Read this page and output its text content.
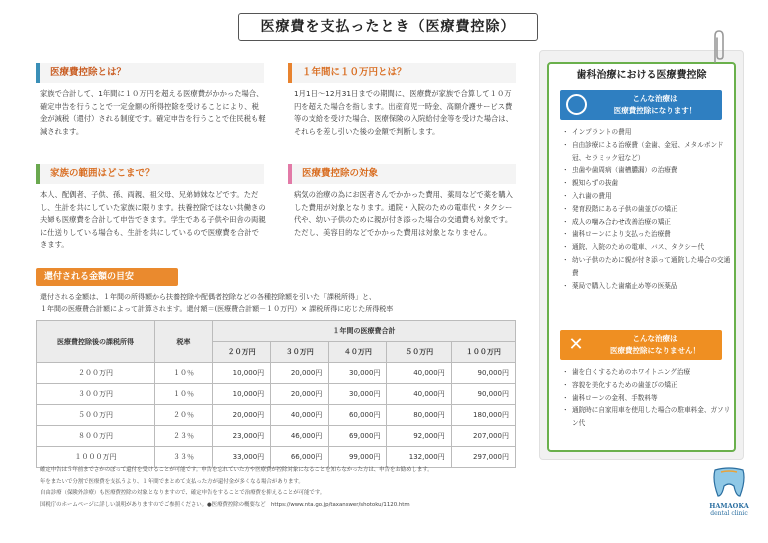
医療費を支払ったとき（医療費控除）
医療費控除とは？
家族で合計して、1年間に１０万円を超える医療費がかかった場合、確定申告を行うことで一定金額の所得控除を受けることにより、税金が減税（還付）される制度です。確定申告を行うことで住民税も軽減されます。
１年間に１０万円とは？
1月1日〜12月31日までの期間に、医療費が家族で合算して１０万円を超えた場合を指します。出産育児一時金、高額介護サービス費等の支給を受けた場合、医療保険の入院給付金等を受けた場合は、それらを差し引いた後の金額で判断します。
家族の範囲はどこまで？
本人、配偶者、子供、孫、両親、祖父母、兄弟姉妹などです。ただし、生計を共にしていた家族に限ります。扶養控除ではない共働きの夫婦も医療費を合計して申告できます。学生である子供や田舎の両親に仕送りしている場合も、生計を共にしているので医療費を合計できます。
医療費控除の対象
病気の治療の為にお医者さんでかかった費用、薬局などで薬を購入した費用が対象となります。通院・入院のための電車代・タクシー代や、幼い子供のために親が付き添った場合の交通費も対象です。ただし、美容目的などでかかった費用は対象となりません。
還付される金額の目安
還付される金額は、１年間の所得額から扶養控除や配偶者控除などの各種控除額を引いた「課税所得」と、
１年間の医療費合計額によって計算されます。還付額＝(医療費合計額－１０万円）× 課税所得に応じた所得税率
医療費控除後の課税所得	税率	１年間の医療費合計				
		２０万円	３０万円	４０万円	５０万円	１００万円
２００万円	１０％	10,000円	20,000円	30,000円	40,000円	90,000円
３００万円	１０％	10,000円	20,000円	30,000円	40,000円	90,000円
５００万円	２０％	20,000円	40,000円	60,000円	80,000円	180,000円
８００万円	２３％	23,000円	46,000円	69,000円	92,000円	207,000円
１０００万円	３３％	33,000円	66,000円	99,000円	132,000円	297,000円
確定申告は５年前までさかのぼって還付を受けることが可能です。申告を忘れていた方や医療費が控除対象になることを知らなかった方は、申告をお勧めします。
年をまたいで分割で医療費を支払うより、１年間でまとめて支払った方が還付金が多くなる場合があります。
自由診療（保険外診療）も医療費控除の対象となりますので、確定申告をすることで治療費を抑えることが可能です。
国税庁のホームページに詳しい説明がありますのでご参照ください。●医療費控除の概要など　https://www.nta.go.jp/taxanswer/shotoku/1120.htm
歯科治療における医療費控除
こんな治療は
医療費控除になります！
・ インプラントの費用
・ 自由診療による治療費（金歯、金冠、メタルボンド冠、セラミック冠など）
・ 虫歯や歯周病（歯槽膿漏）の治療費
・ 親知らずの抜歯
・ 入れ歯の費用
・ 発育段階にある子供の歯並びの矯正
・ 成人の噛み合わせ改善治療の矯正
・ 歯科ローンにより支払った治療費
・ 通院、入院のための電車、バス、タクシー代
・ 幼い子供のために親が付き添って通院した場合の交通費
・ 薬局で購入した歯痛止め等の医薬品
✕	こんな治療は
医療費控除になりません！
・ 歯を白くするためのホワイトニング治療
・ 容貌を美化するための歯並びの矯正
・ 歯科ローンの金利、手数料等
・ 通院時に自家用車を使用した場合の駐車料金、ガソリン代
HAMAOKA
dental clinic
